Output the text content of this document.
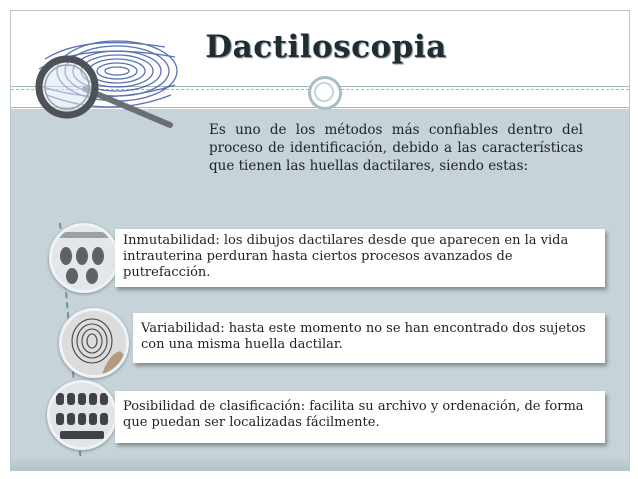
Dactiloscopia
Es uno de los métodos más confiables dentro del proceso de identificación, debido a las características que tienen las huellas dactilares, siendo estas:
Inmutabilidad: los dibujos dactilares desde que aparecen en la vida intrauterina perduran hasta ciertos procesos avanzados de putrefacción.
Variabilidad: hasta este momento no se han encontrado dos sujetos con una misma huella dactilar.
Posibilidad de clasificación: facilita su archivo y ordenación, de forma que puedan ser localizadas fácilmente.
